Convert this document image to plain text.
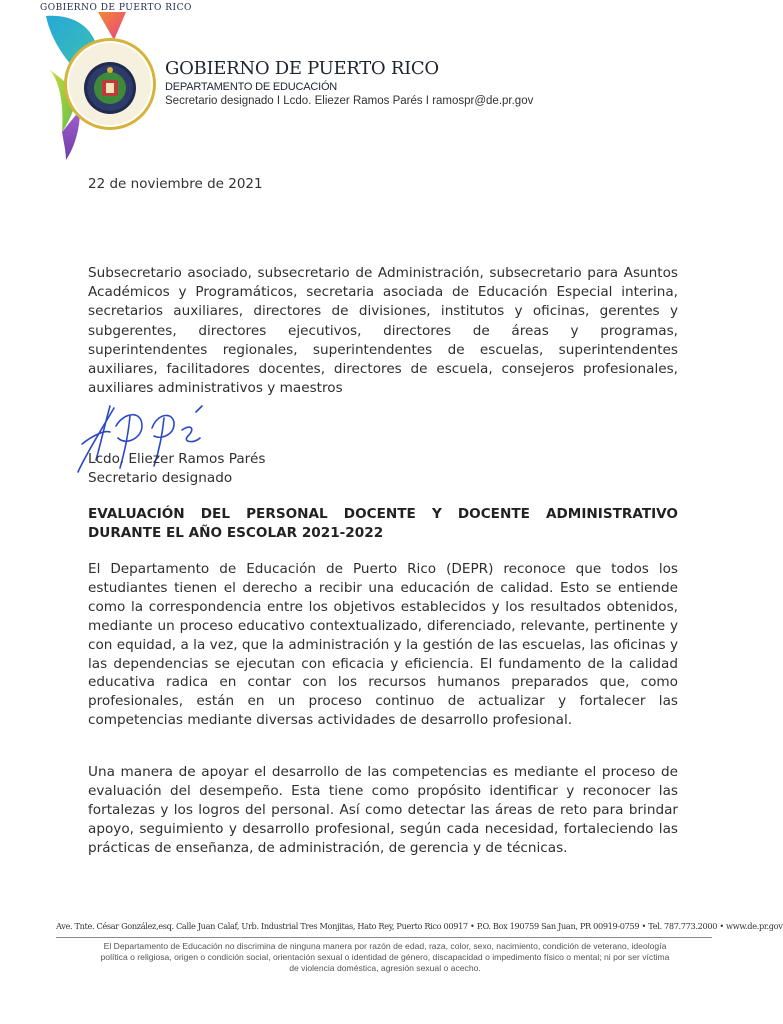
GOBIERNO DE PUERTO RICO
GOBIERNO DE PUERTO RICO
DEPARTAMENTO DE EDUCACIÓN
Secretario designado I Lcdo. Eliezer Ramos Parés I ramospr@de.pr.gov
22 de noviembre de 2021

Subsecretario asociado, subsecretario de Administración, subsecretario para Asuntos Académicos y Programáticos, secretaria asociada de Educación Especial interina, secretarios auxiliares, directores de divisiones, institutos y oficinas, gerentes y subgerentes, directores ejecutivos, directores de áreas y programas, superintendentes regionales, superintendentes de escuelas, superintendentes auxiliares, facilitadores docentes, directores de escuela, consejeros profesionales, auxiliares administrativos y maestros

Lcdo. Eliezer Ramos Parés
Secretario designado

EVALUACIÓN DEL PERSONAL DOCENTE Y DOCENTE ADMINISTRATIVO DURANTE EL AÑO ESCOLAR 2021-2022

El Departamento de Educación de Puerto Rico (DEPR) reconoce que todos los estudiantes tienen el derecho a recibir una educación de calidad. Esto se entiende como la correspondencia entre los objetivos establecidos y los resultados obtenidos, mediante un proceso educativo contextualizado, diferenciado, relevante, pertinente y con equidad, a la vez, que la administración y la gestión de las escuelas, las oficinas y las dependencias se ejecutan con eficacia y eficiencia. El fundamento de la calidad educativa radica en contar con los recursos humanos preparados que, como profesionales, están en un proceso continuo de actualizar y fortalecer las competencias mediante diversas actividades de desarrollo profesional.

Una manera de apoyar el desarrollo de las competencias es mediante el proceso de evaluación del desempeño. Esta tiene como propósito identificar y reconocer las fortalezas y los logros del personal. Así como detectar las áreas de reto para brindar apoyo, seguimiento y desarrollo profesional, según cada necesidad, fortaleciendo las prácticas de enseñanza, de administración, de gerencia y de técnicas.

Ave. Tnte. César González,esq. Calle Juan Calaf, Urb. Industrial Tres Monjitas, Hato Rey, Puerto Rico 00917 • P.O. Box 190759 San Juan, PR 00919-0759 • Tel. 787.773.2000 • www.de.pr.gov
El Departamento de Educación no discrimina de ninguna manera por razón de edad, raza, color, sexo, nacimiento, condición de veterano, ideología política o religiosa, origen o condición social, orientación sexual o identidad de género, discapacidad o impedimento físico o mental; ni por ser víctima de violencia doméstica, agresión sexual o acecho.
